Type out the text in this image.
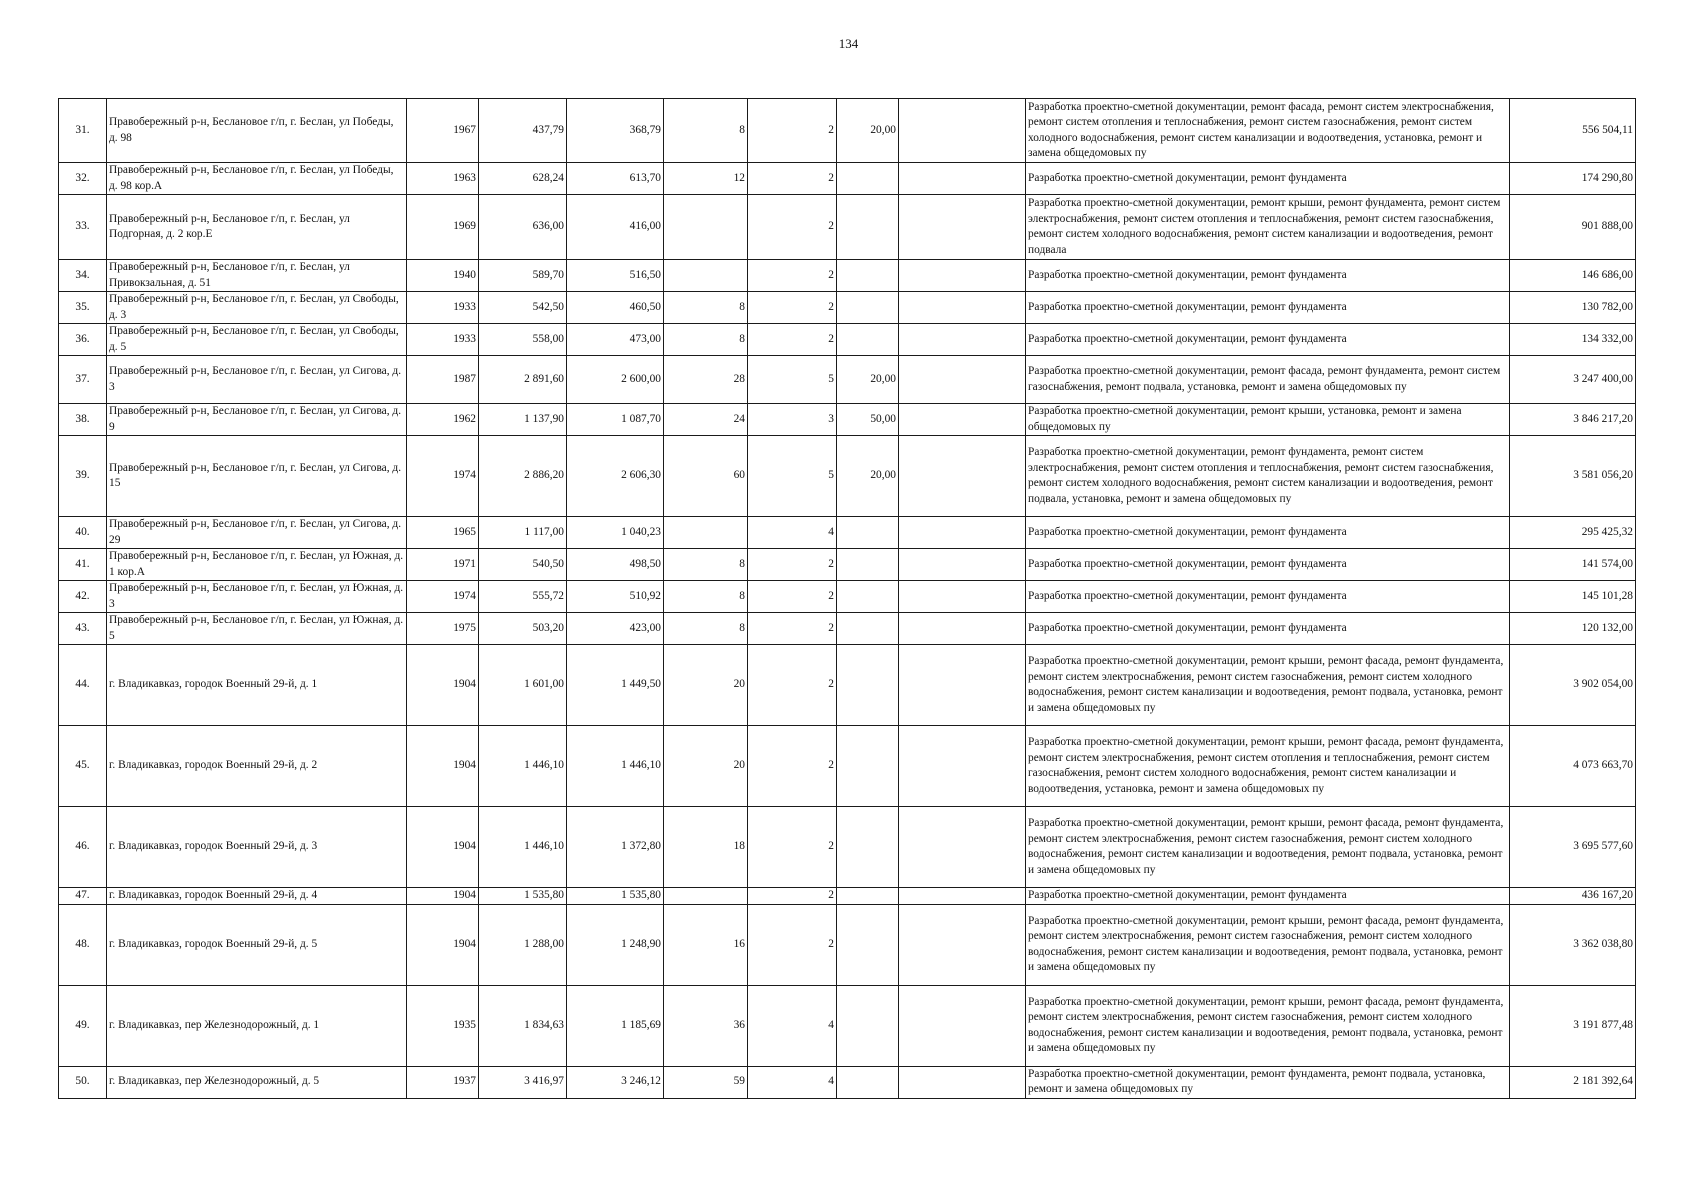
134
31.	Правобережный р-н, Беслановое г/п, г. Беслан, ул Победы, д. 98	1967	437,79	368,79	8	2	20,00		Разработка проектно-сметной документации, ремонт фасада, ремонт систем электроснабжения, ремонт систем отопления и теплоснабжения, ремонт систем газоснабжения, ремонт систем холодного водоснабжения, ремонт систем канализации и водоотведения, установка, ремонт и замена общедомовых пу	556 504,11
32.	Правобережный р-н, Беслановое г/п, г. Беслан, ул Победы, д. 98 кор.А	1963	628,24	613,70	12	2			Разработка проектно-сметной документации, ремонт фундамента	174 290,80
33.	Правобережный р-н, Беслановое г/п, г. Беслан, ул Подгорная, д. 2 кор.Е	1969	636,00	416,00		2			Разработка проектно-сметной документации, ремонт крыши, ремонт фундамента, ремонт систем электроснабжения, ремонт систем отопления и теплоснабжения, ремонт систем газоснабжения, ремонт систем холодного водоснабжения, ремонт систем канализации и водоотведения, ремонт подвала	901 888,00
34.	Правобережный р-н, Беслановое г/п, г. Беслан, ул Привокзальная, д. 51	1940	589,70	516,50		2			Разработка проектно-сметной документации, ремонт фундамента	146 686,00
35.	Правобережный р-н, Беслановое г/п, г. Беслан, ул Свободы, д. 3	1933	542,50	460,50	8	2			Разработка проектно-сметной документации, ремонт фундамента	130 782,00
36.	Правобережный р-н, Беслановое г/п, г. Беслан, ул Свободы, д. 5	1933	558,00	473,00	8	2			Разработка проектно-сметной документации, ремонт фундамента	134 332,00
37.	Правобережный р-н, Беслановое г/п, г. Беслан, ул Сигова, д. 3	1987	2 891,60	2 600,00	28	5	20,00		Разработка проектно-сметной документации, ремонт фасада, ремонт фундамента, ремонт систем газоснабжения, ремонт подвала, установка, ремонт и замена общедомовых пу	3 247 400,00
38.	Правобережный р-н, Беслановое г/п, г. Беслан, ул Сигова, д. 9	1962	1 137,90	1 087,70	24	3	50,00		Разработка проектно-сметной документации, ремонт крыши, установка, ремонт и замена общедомовых пу	3 846 217,20
39.	Правобережный р-н, Беслановое г/п, г. Беслан, ул Сигова, д. 15	1974	2 886,20	2 606,30	60	5	20,00		Разработка проектно-сметной документации, ремонт фундамента, ремонт систем электроснабжения, ремонт систем отопления и теплоснабжения, ремонт систем газоснабжения, ремонт систем холодного водоснабжения, ремонт систем канализации и водоотведения, ремонт подвала, установка, ремонт и замена общедомовых пу	3 581 056,20
40.	Правобережный р-н, Беслановое г/п, г. Беслан, ул Сигова, д. 29	1965	1 117,00	1 040,23		4			Разработка проектно-сметной документации, ремонт фундамента	295 425,32
41.	Правобережный р-н, Беслановое г/п, г. Беслан, ул Южная, д. 1 кор.А	1971	540,50	498,50	8	2			Разработка проектно-сметной документации, ремонт фундамента	141 574,00
42.	Правобережный р-н, Беслановое г/п, г. Беслан, ул Южная, д. 3	1974	555,72	510,92	8	2			Разработка проектно-сметной документации, ремонт фундамента	145 101,28
43.	Правобережный р-н, Беслановое г/п, г. Беслан, ул Южная, д. 5	1975	503,20	423,00	8	2			Разработка проектно-сметной документации, ремонт фундамента	120 132,00
44.	г. Владикавказ, городок Военный 29-й, д. 1	1904	1 601,00	1 449,50	20	2			Разработка проектно-сметной документации, ремонт крыши, ремонт фасада, ремонт фундамента, ремонт систем электроснабжения, ремонт систем газоснабжения, ремонт систем холодного водоснабжения, ремонт систем канализации и водоотведения, ремонт подвала, установка, ремонт и замена общедомовых пу	3 902 054,00
45.	г. Владикавказ, городок Военный 29-й, д. 2	1904	1 446,10	1 446,10	20	2			Разработка проектно-сметной документации, ремонт крыши, ремонт фасада, ремонт фундамента, ремонт систем электроснабжения, ремонт систем отопления и теплоснабжения, ремонт систем газоснабжения, ремонт систем холодного водоснабжения, ремонт систем канализации и водоотведения, установка, ремонт и замена общедомовых пу	4 073 663,70
46.	г. Владикавказ, городок Военный 29-й, д. 3	1904	1 446,10	1 372,80	18	2			Разработка проектно-сметной документации, ремонт крыши, ремонт фасада, ремонт фундамента, ремонт систем электроснабжения, ремонт систем газоснабжения, ремонт систем холодного водоснабжения, ремонт систем канализации и водоотведения, ремонт подвала, установка, ремонт и замена общедомовых пу	3 695 577,60
47.	г. Владикавказ, городок Военный 29-й, д. 4	1904	1 535,80	1 535,80		2			Разработка проектно-сметной документации, ремонт фундамента	436 167,20
48.	г. Владикавказ, городок Военный 29-й, д. 5	1904	1 288,00	1 248,90	16	2			Разработка проектно-сметной документации, ремонт крыши, ремонт фасада, ремонт фундамента, ремонт систем электроснабжения, ремонт систем газоснабжения, ремонт систем холодного водоснабжения, ремонт систем канализации и водоотведения, ремонт подвала, установка, ремонт и замена общедомовых пу	3 362 038,80
49.	г. Владикавказ, пер Железнодорожный, д. 1	1935	1 834,63	1 185,69	36	4			Разработка проектно-сметной документации, ремонт крыши, ремонт фасада, ремонт фундамента, ремонт систем электроснабжения, ремонт систем газоснабжения, ремонт систем холодного водоснабжения, ремонт систем канализации и водоотведения, ремонт подвала, установка, ремонт и замена общедомовых пу	3 191 877,48
50.	г. Владикавказ, пер Железнодорожный, д. 5	1937	3 416,97	3 246,12	59	4			Разработка проектно-сметной документации, ремонт фундамента, ремонт подвала, установка, ремонт и замена общедомовых пу	2 181 392,64
